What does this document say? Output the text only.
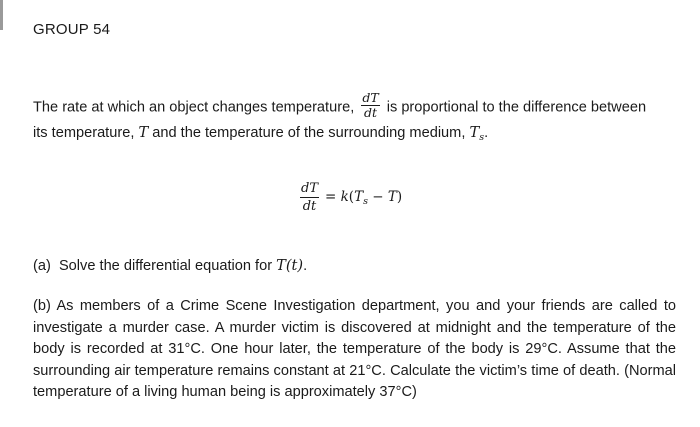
GROUP 54
The rate at which an object changes temperature, $\frac{dT}{dt}$ is proportional to the difference between
its temperature, T and the temperature of the surrounding medium, $T_s$.
$\frac{dT}{dt} = k(T_s - T)$
(a) Solve the differential equation for T(t).
(b) As members of a Crime Scene Investigation department, you and your friends are called to investigate a murder case. A murder victim is discovered at midnight and the temperature of the body is recorded at 31°C. One hour later, the temperature of the body is 29°C. Assume that the surrounding air temperature remains constant at 21°C. Calculate the victim’s time of death. (Normal temperature of a living human being is approximately 37°C)
